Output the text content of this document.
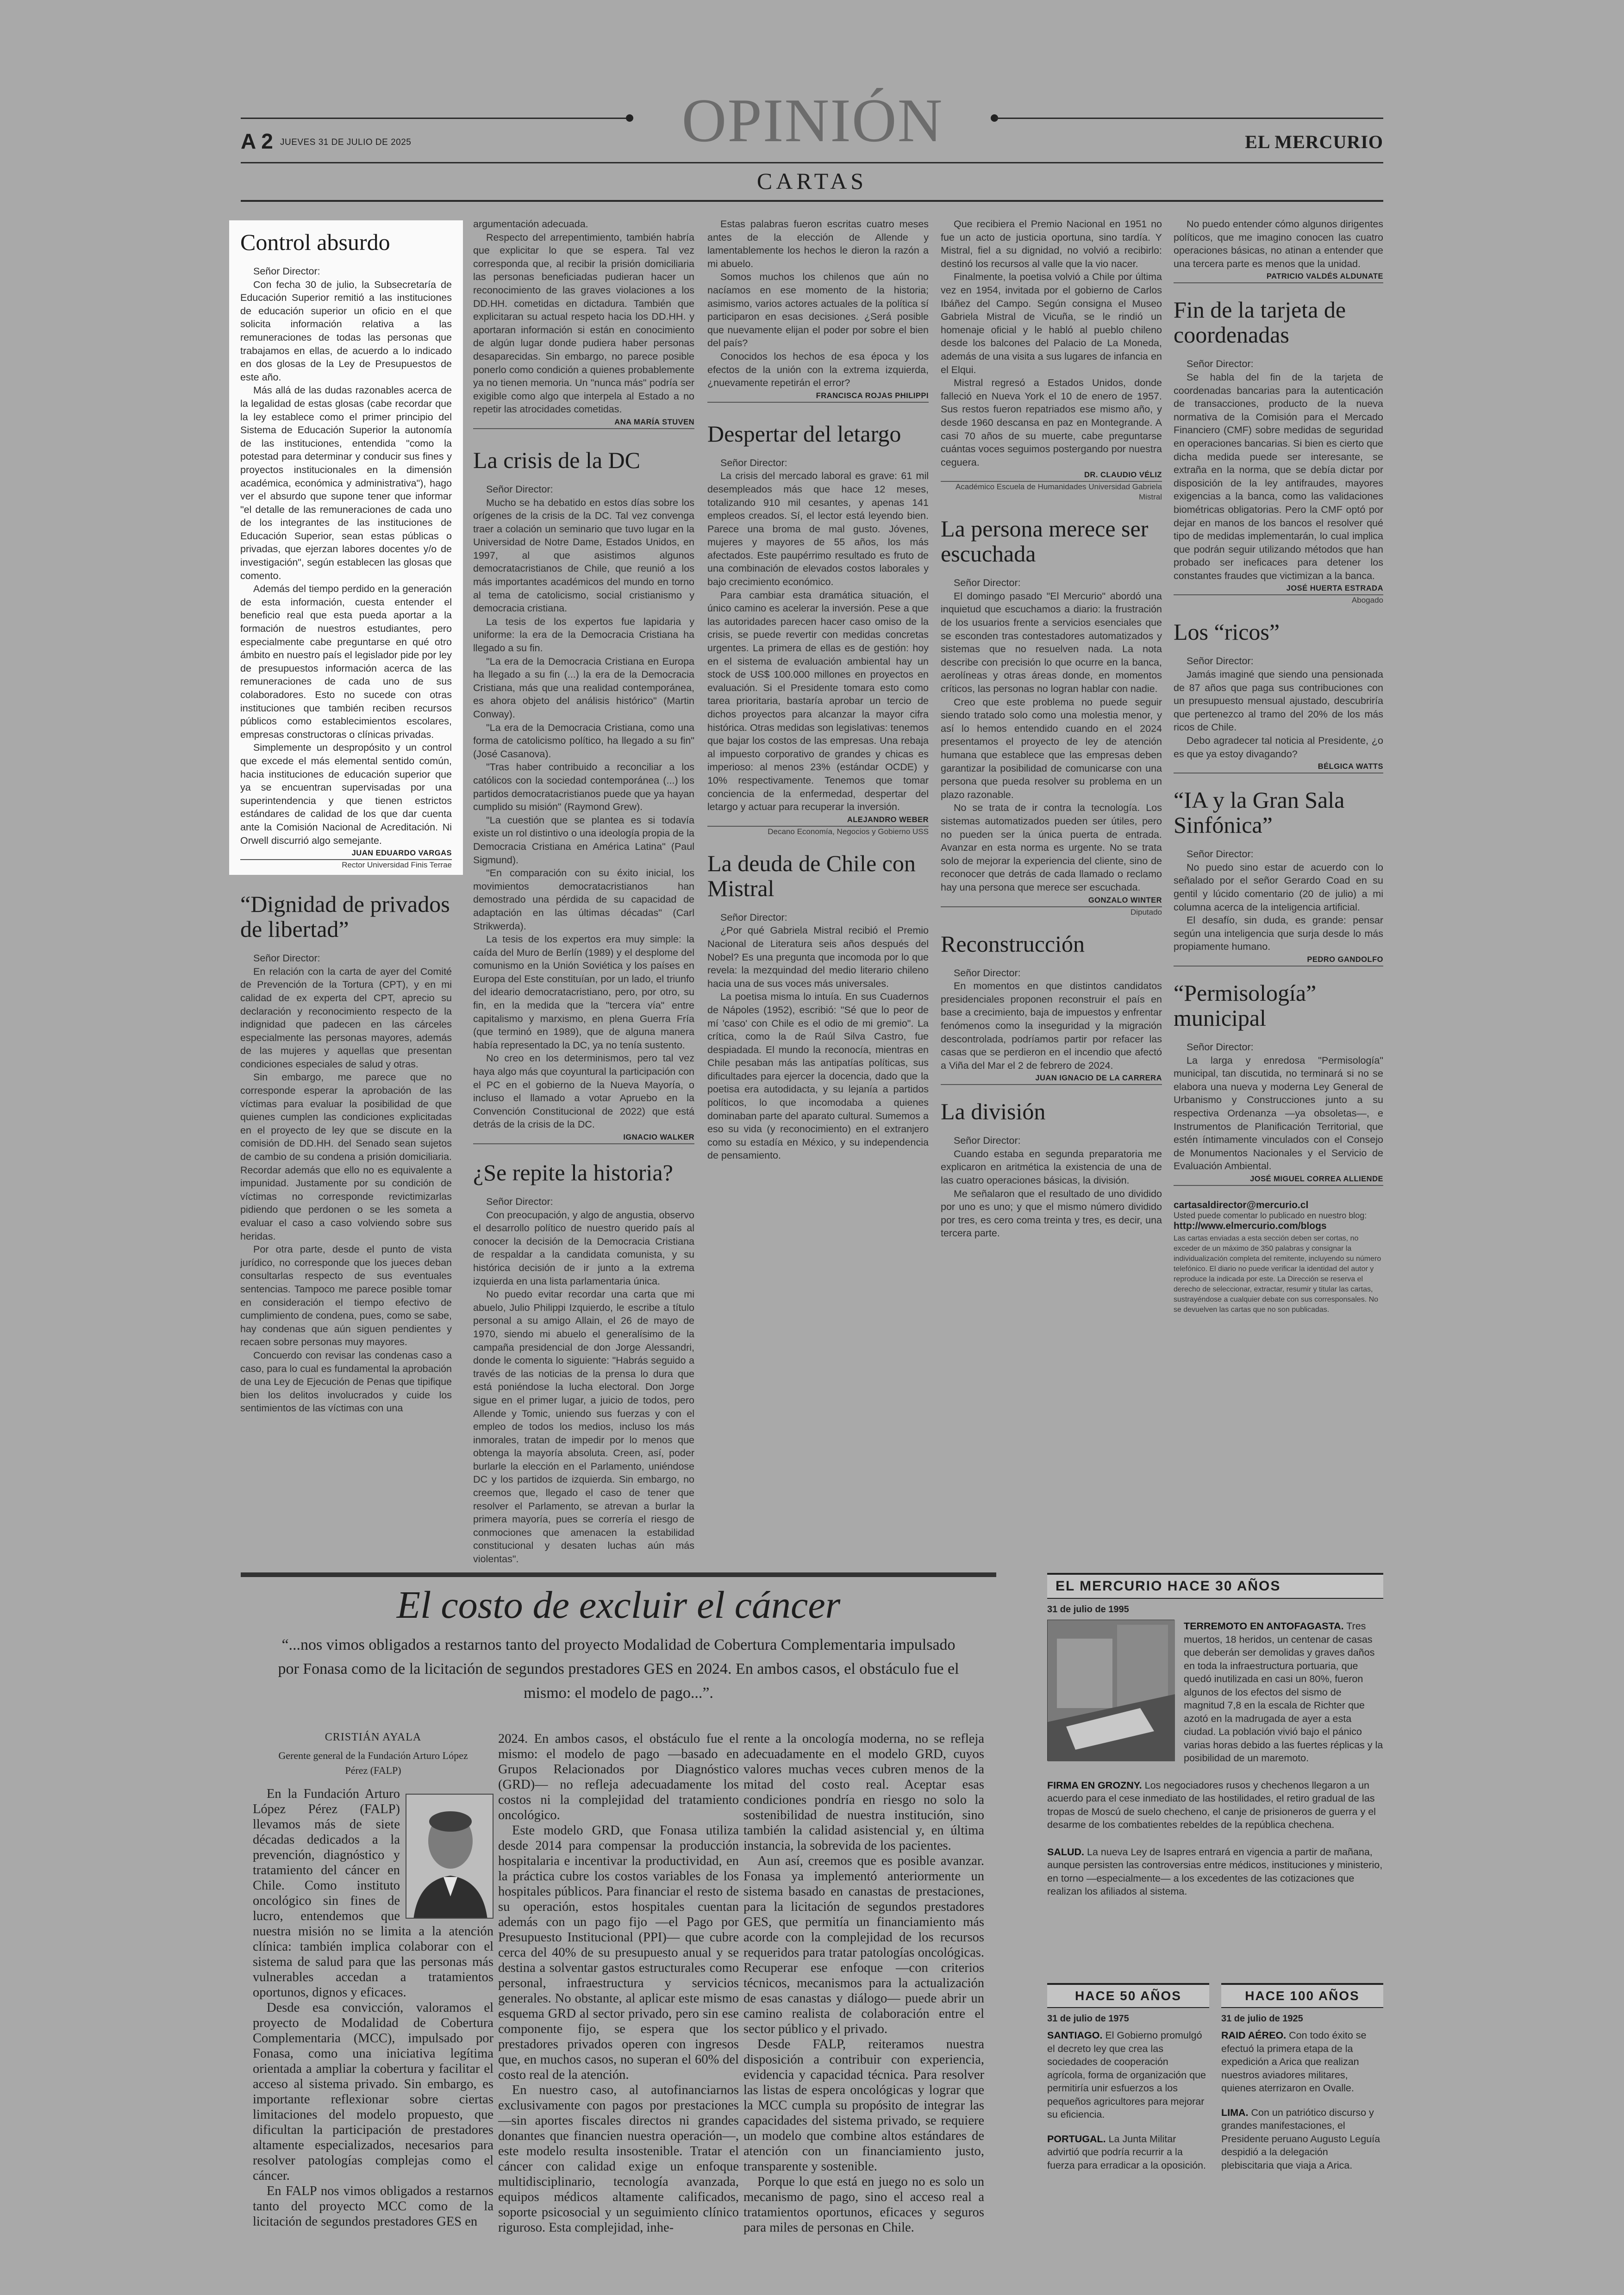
A 2 JUEVES 31 DE JULIO DE 2025	OPINIÓN	EL MERCURIO
CARTAS
Control absurdo

Señor Director:

Con fecha 30 de julio, la Subsecretaría de Educación Superior remitió a las instituciones de educación superior un oficio en el que solicita información relativa a las remuneraciones de todas las personas que trabajamos en ellas, de acuerdo a lo indicado en dos glosas de la Ley de Presupuestos de este año.

Más allá de las dudas razonables acerca de la legalidad de estas glosas (cabe recordar que la ley establece como el primer principio del Sistema de Educación Superior la autonomía de las instituciones, entendida "como la potestad para determinar y conducir sus fines y proyectos institucionales en la dimensión académica, económica y administrativa"), hago ver el absurdo que supone tener que informar "el detalle de las remuneraciones de cada uno de los integrantes de las instituciones de Educación Superior, sean estas públicas o privadas, que ejerzan labores docentes y/o de investigación", según establecen las glosas que comento.

Además del tiempo perdido en la generación de esta información, cuesta entender el beneficio real que esta pueda aportar a la formación de nuestros estudiantes, pero especialmente cabe preguntarse en qué otro ámbito en nuestro país el legislador pide por ley de presupuestos información acerca de las remuneraciones de cada uno de sus colaboradores. Esto no sucede con otras instituciones que también reciben recursos públicos como establecimientos escolares, empresas constructoras o clínicas privadas.

Simplemente un despropósito y un control que excede el más elemental sentido común, hacia instituciones de educación superior que ya se encuentran supervisadas por una superintendencia y que tienen estrictos estándares de calidad de los que dar cuenta ante la Comisión Nacional de Acreditación. Ni Orwell discurrió algo semejante.

JUAN EDUARDO VARGAS
Rector Universidad Finis Terrae
“Dignidad de privados de libertad”

Señor Director:

En relación con la carta de ayer del Comité de Prevención de la Tortura (CPT), y en mi calidad de ex experta del CPT, aprecio su declaración y reconocimiento respecto de la indignidad que padecen en las cárceles especialmente las personas mayores, además de las mujeres y aquellas que presentan condiciones especiales de salud y otras.

Sin embargo, me parece que no corresponde esperar la aprobación de las víctimas para evaluar la posibilidad de que quienes cumplen las condiciones explicitadas en el proyecto de ley que se discute en la comisión de DD.HH. del Senado sean sujetos de cambio de su condena a prisión domiciliaria. Recordar además que ello no es equivalente a impunidad. Justamente por su condición de víctimas no corresponde revictimizarlas pidiendo que perdonen o se les someta a evaluar el caso a caso volviendo sobre sus heridas.

Por otra parte, desde el punto de vista jurídico, no corresponde que los jueces deban consultarlas respecto de sus eventuales sentencias. Tampoco me parece posible tomar en consideración el tiempo efectivo de cumplimiento de condena, pues, como se sabe, hay condenas que aún siguen pendientes y recaen sobre personas muy mayores.

Concuerdo con revisar las condenas caso a caso, para lo cual es fundamental la aprobación de una Ley de Ejecución de Penas que tipifique bien los delitos involucrados y cuide los sentimientos de las víctimas con una

argumentación adecuada.

Respecto del arrepentimiento, también habría que explicitar lo que se espera. Tal vez corresponda que, al recibir la prisión domiciliaria las personas beneficiadas pudieran hacer un reconocimiento de las graves violaciones a los DD.HH. cometidas en dictadura. También que explicitaran su actual respeto hacia los DD.HH. y aportaran información si están en conocimiento de algún lugar donde pudiera haber personas desaparecidas. Sin embargo, no parece posible ponerlo como condición a quienes probablemente ya no tienen memoria. Un "nunca más" podría ser exigible como algo que interpela al Estado a no repetir las atrocidades cometidas.

ANA MARÍA STUVEN
La crisis de la DC

Señor Director:

Mucho se ha debatido en estos días sobre los orígenes de la crisis de la DC. Tal vez convenga traer a colación un seminario que tuvo lugar en la Universidad de Notre Dame, Estados Unidos, en 1997, al que asistimos algunos democratacristianos de Chile, que reunió a los más importantes académicos del mundo en torno al tema de catolicismo, social cristianismo y democracia cristiana.

La tesis de los expertos fue lapidaria y uniforme: la era de la Democracia Cristiana ha llegado a su fin.

"La era de la Democracia Cristiana en Europa ha llegado a su fin (...) la era de la Democracia Cristiana, más que una realidad contemporánea, es ahora objeto del análisis histórico" (Martin Conway).

"La era de la Democracia Cristiana, como una forma de catolicismo político, ha llegado a su fin" (José Casanova).

"Tras haber contribuido a reconciliar a los católicos con la sociedad contemporánea (...) los partidos democratacristianos puede que ya hayan cumplido su misión" (Raymond Grew).

"La cuestión que se plantea es si todavía existe un rol distintivo o una ideología propia de la Democracia Cristiana en América Latina" (Paul Sigmund).

"En comparación con su éxito inicial, los movimientos democratacristianos han demostrado una pérdida de su capacidad de adaptación en las últimas décadas" (Carl Strikwerda).

La tesis de los expertos era muy simple: la caída del Muro de Berlín (1989) y el desplome del comunismo en la Unión Soviética y los países en Europa del Este constituían, por un lado, el triunfo del ideario democratacristiano, pero, por otro, su fin, en la medida que la "tercera vía" entre capitalismo y marxismo, en plena Guerra Fría (que terminó en 1989), que de alguna manera había representado la DC, ya no tenía sustento.

No creo en los determinismos, pero tal vez haya algo más que coyuntural la participación con el PC en el gobierno de la Nueva Mayoría, o incluso el llamado a votar Apruebo en la Convención Constitucional de 2022) que está detrás de la crisis de la DC.

IGNACIO WALKER
¿Se repite la historia?

Señor Director:

Con preocupación, y algo de angustia, observo el desarrollo político de nuestro querido país al conocer la decisión de la Democracia Cristiana de respaldar a la candidata comunista, y su histórica decisión de ir junto a la extrema izquierda en una lista parlamentaria única.

No puedo evitar recordar una carta que mi abuelo, Julio Philippi Izquierdo, le escribe a título personal a su amigo Allain, el 26 de mayo de 1970, siendo mi abuelo el generalísimo de la campaña presidencial de don Jorge Alessandri, donde le comenta lo siguiente: "Habrás seguido a través de las noticias de la prensa lo dura que está poniéndose la lucha electoral. Don Jorge sigue en el primer lugar, a juicio de todos, pero Allende y Tomic, uniendo sus fuerzas y con el empleo de todos los medios, incluso los más inmorales, tratan de impedir por lo menos que obtenga la mayoría absoluta. Creen, así, poder burlarle la elección en el Parlamento, uniéndose DC y los partidos de izquierda. Sin embargo, no creemos que, llegado el caso de tener que resolver el Parlamento, se atrevan a burlar la primera mayoría, pues se correría el riesgo de conmociones que amenacen la estabilidad constitucional y desaten luchas aún más violentas".

Estas palabras fueron escritas cuatro meses antes de la elección de Allende y lamentablemente los hechos le dieron la razón a mi abuelo.

Somos muchos los chilenos que aún no nacíamos en ese momento de la historia; asimismo, varios actores actuales de la política sí participaron en esas decisiones. ¿Será posible que nuevamente elijan el poder por sobre el bien del país?

Conocidos los hechos de esa época y los efectos de la unión con la extrema izquierda, ¿nuevamente repetirán el error?

FRANCISCA ROJAS PHILIPPI
Despertar del letargo

Señor Director:

La crisis del mercado laboral es grave: 61 mil desempleados más que hace 12 meses, totalizando 910 mil cesantes, y apenas 141 empleos creados. Sí, el lector está leyendo bien. Parece una broma de mal gusto. Jóvenes, mujeres y mayores de 55 años, los más afectados. Este paupérrimo resultado es fruto de una combinación de elevados costos laborales y bajo crecimiento económico.

Para cambiar esta dramática situación, el único camino es acelerar la inversión. Pese a que las autoridades parecen hacer caso omiso de la crisis, se puede revertir con medidas concretas urgentes. La primera de ellas es de gestión: hoy en el sistema de evaluación ambiental hay un stock de US$ 100.000 millones en proyectos en evaluación. Si el Presidente tomara esto como tarea prioritaria, bastaría aprobar un tercio de dichos proyectos para alcanzar la mayor cifra histórica. Otras medidas son legislativas: tenemos que bajar los costos de las empresas. Una rebaja al impuesto corporativo de grandes y chicas es imperioso: al menos 23% (estándar OCDE) y 10% respectivamente. Tenemos que tomar conciencia de la enfermedad, despertar del letargo y actuar para recuperar la inversión.

ALEJANDRO WEBER
Decano Economía, Negocios y Gobierno USS
La deuda de Chile con Mistral

Señor Director:

¿Por qué Gabriela Mistral recibió el Premio Nacional de Literatura seis años después del Nobel? Es una pregunta que incomoda por lo que revela: la mezquindad del medio literario chileno hacia una de sus voces más universales.

La poetisa misma lo intuía. En sus Cuadernos de Nápoles (1952), escribió: "Sé que lo peor de mí 'caso' con Chile es el odio de mi gremio". La crítica, como la de Raúl Silva Castro, fue despiadada. El mundo la reconocía, mientras en Chile pesaban más las antipatías políticas, sus dificultades para ejercer la docencia, dado que la poetisa era autodidacta, y su lejanía a partidos políticos, lo que incomodaba a quienes dominaban parte del aparato cultural. Sumemos a eso su vida (y reconocimiento) en el extranjero como su estadía en México, y su independencia de pensamiento.

Que recibiera el Premio Nacional en 1951 no fue un acto de justicia oportuna, sino tardía. Y Mistral, fiel a su dignidad, no volvió a recibirlo: destinó los recursos al valle que la vio nacer.

Finalmente, la poetisa volvió a Chile por última vez en 1954, invitada por el gobierno de Carlos Ibáñez del Campo. Según consigna el Museo Gabriela Mistral de Vicuña, se le rindió un homenaje oficial y le habló al pueblo chileno desde los balcones del Palacio de La Moneda, además de una visita a sus lugares de infancia en el Elqui.

Mistral regresó a Estados Unidos, donde falleció en Nueva York el 10 de enero de 1957. Sus restos fueron repatriados ese mismo año, y desde 1960 descansa en paz en Montegrande. A casi 70 años de su muerte, cabe preguntarse cuántas voces seguimos postergando por nuestra ceguera.

DR. CLAUDIO VÉLIZ
Académico Escuela de Humanidades Universidad Gabriela Mistral
La persona merece ser escuchada

Señor Director:

El domingo pasado "El Mercurio" abordó una inquietud que escuchamos a diario: la frustración de los usuarios frente a servicios esenciales que se esconden tras contestadores automatizados y sistemas que no resuelven nada. La nota describe con precisión lo que ocurre en la banca, aerolíneas y otras áreas donde, en momentos críticos, las personas no logran hablar con nadie.

Creo que este problema no puede seguir siendo tratado solo como una molestia menor, y así lo hemos entendido cuando en el 2024 presentamos el proyecto de ley de atención humana que establece que las empresas deben garantizar la posibilidad de comunicarse con una persona que pueda resolver su problema en un plazo razonable.

No se trata de ir contra la tecnología. Los sistemas automatizados pueden ser útiles, pero no pueden ser la única puerta de entrada. Avanzar en esta norma es urgente. No se trata solo de mejorar la experiencia del cliente, sino de reconocer que detrás de cada llamado o reclamo hay una persona que merece ser escuchada.

GONZALO WINTER
Diputado
Reconstrucción

Señor Director:

En momentos en que distintos candidatos presidenciales proponen reconstruir el país en base a crecimiento, baja de impuestos y enfrentar fenómenos como la inseguridad y la migración descontrolada, podríamos partir por refacer las casas que se perdieron en el incendio que afectó a Viña del Mar el 2 de febrero de 2024.

JUAN IGNACIO DE LA CARRERA
La división

Señor Director:

Cuando estaba en segunda preparatoria me explicaron en aritmética la existencia de una de las cuatro operaciones básicas, la división.

Me señalaron que el resultado de uno dividido por uno es uno; y que el mismo número dividido por tres, es cero coma treinta y tres, es decir, una tercera parte.

No puedo entender cómo algunos dirigentes políticos, que me imagino conocen las cuatro operaciones básicas, no atinan a entender que una tercera parte es menos que la unidad.

PATRICIO VALDÉS ALDUNATE
Fin de la tarjeta de coordenadas

Señor Director:

Se habla del fin de la tarjeta de coordenadas bancarias para la autenticación de transacciones, producto de la nueva normativa de la Comisión para el Mercado Financiero (CMF) sobre medidas de seguridad en operaciones bancarias. Si bien es cierto que dicha medida puede ser interesante, se extraña en la norma, que se debía dictar por disposición de la ley antifraudes, mayores exigencias a la banca, como las validaciones biométricas obligatorias. Pero la CMF optó por dejar en manos de los bancos el resolver qué tipo de medidas implementarán, lo cual implica que podrán seguir utilizando métodos que han probado ser ineficaces para detener los constantes fraudes que victimizan a la banca.

JOSÉ HUERTA ESTRADA
Abogado
Los “ricos”

Señor Director:

Jamás imaginé que siendo una pensionada de 87 años que paga sus contribuciones con un presupuesto mensual ajustado, descubriría que pertenezco al tramo del 20% de los más ricos de Chile.

Debo agradecer tal noticia al Presidente, ¿o es que ya estoy divagando?

BÉLGICA WATTS
“IA y la Gran Sala Sinfónica”

Señor Director:

No puedo sino estar de acuerdo con lo señalado por el señor Gerardo Coad en su gentil y lúcido comentario (20 de julio) a mi columna acerca de la inteligencia artificial.

El desafío, sin duda, es grande: pensar según una inteligencia que surja desde lo más propiamente humano.

PEDRO GANDOLFO
“Permisología” municipal

Señor Director:

La larga y enredosa "Permisología" municipal, tan discutida, no terminará si no se elabora una nueva y moderna Ley General de Urbanismo y Construcciones junto a su respectiva Ordenanza —ya obsoletas—, e Instrumentos de Planificación Territorial, que estén íntimamente vinculados con el Consejo de Monumentos Nacionales y el Servicio de Evaluación Ambiental.

JOSÉ MIGUEL CORREA ALLIENDE
cartasaldirector@mercurio.cl
Usted puede comentar lo publicado en nuestro blog:
http://www.elmercurio.com/blogs
Las cartas enviadas a esta sección deben ser cortas, no exceder de un máximo de 350 palabras y consignar la individualización completa del remitente, incluyendo su número telefónico. El diario no puede verificar la identidad del autor y reproduce la indicada por este. La Dirección se reserva el derecho de seleccionar, extractar, resumir y titular las cartas, sustrayéndose a cualquier debate con sus corresponsales. No se devuelven las cartas que no son publicadas.
El costo de excluir el cáncer
“...nos vimos obligados a restarnos tanto del proyecto Modalidad de Cobertura Complementaria impulsado por Fonasa como de la licitación de segundos prestadores GES en 2024. En ambos casos, el obstáculo fue el mismo: el modelo de pago...”.
CRISTIÁN AYALA
Gerente general de la Fundación Arturo López Pérez (FALP)

En la Fundación Arturo López Pérez (FALP) llevamos más de siete décadas dedicados a la prevención, diagnóstico y tratamiento del cáncer en Chile. Como instituto oncológico sin fines de lucro, entendemos que nuestra misión no se limita a la atención clínica: también implica colaborar con el sistema de salud para que las personas más vulnerables accedan a tratamientos oportunos, dignos y eficaces.

Desde esa convicción, valoramos el proyecto de Modalidad de Cobertura Complementaria (MCC), impulsado por Fonasa, como una iniciativa legítima orientada a ampliar la cobertura y facilitar el acceso al sistema privado. Sin embargo, es importante reflexionar sobre ciertas limitaciones del modelo propuesto, que dificultan la participación de prestadores altamente especializados, necesarios para resolver patologías complejas como el cáncer.

En FALP nos vimos obligados a restarnos tanto del proyecto MCC como de la licitación de segundos prestadores GES en

2024. En ambos casos, el obstáculo fue el mismo: el modelo de pago —basado en Grupos Relacionados por Diagnóstico (GRD)— no refleja adecuadamente los costos ni la complejidad del tratamiento oncológico.

Este modelo GRD, que Fonasa utiliza desde 2014 para compensar la producción hospitalaria e incentivar la productividad, en la práctica cubre los costos variables de los hospitales públicos. Para financiar el resto de su operación, estos hospitales cuentan además con un pago fijo —el Pago por Presupuesto Institucional (PPI)— que cubre cerca del 40% de su presupuesto anual y se destina a solventar gastos estructurales como personal, infraestructura y servicios generales. No obstante, al aplicar este mismo esquema GRD al sector privado, pero sin ese componente fijo, se espera que los prestadores privados operen con ingresos que, en muchos casos, no superan el 60% del costo real de la atención.

En nuestro caso, al autofinanciarnos exclusivamente con pagos por prestaciones —sin aportes fiscales directos ni grandes donantes que financien nuestra operación—, este modelo resulta insostenible. Tratar el cáncer con calidad exige un enfoque multidisciplinario, tecnología avanzada, equipos médicos altamente calificados, soporte psicosocial y un seguimiento clínico riguroso. Esta complejidad, inhe-

rente a la oncología moderna, no se refleja adecuadamente en el modelo GRD, cuyos valores muchas veces cubren menos de la mitad del costo real. Aceptar esas condiciones pondría en riesgo no solo la sostenibilidad de nuestra institución, sino también la calidad asistencial y, en última instancia, la sobrevida de los pacientes.

Aun así, creemos que es posible avanzar. Fonasa ya implementó anteriormente un sistema basado en canastas de prestaciones, para la licitación de segundos prestadores GES, que permitía un financiamiento más acorde con la complejidad de los recursos requeridos para tratar patologías oncológicas. Recuperar ese enfoque —con criterios técnicos, mecanismos para la actualización de esas canastas y diálogo— puede abrir un camino realista de colaboración entre el sector público y el privado.

Desde FALP, reiteramos nuestra disposición a contribuir con experiencia, evidencia y capacidad técnica. Para resolver las listas de espera oncológicas y lograr que la MCC cumpla su propósito de integrar las capacidades del sistema privado, se requiere un modelo que combine altos estándares de atención con un financiamiento justo, transparente y sostenible.

Porque lo que está en juego no es solo un mecanismo de pago, sino el acceso real a tratamientos oportunos, eficaces y seguros para miles de personas en Chile.

EL MERCURIO HACE 30 AÑOS
31 de julio de 1995

TERREMOTO EN ANTOFAGASTA. Tres muertos, 18 heridos, un centenar de casas que deberán ser demolidas y graves daños en toda la infraestructura portuaria, que quedó inutilizada en casi un 80%, fueron algunos de los efectos del sismo de magnitud 7,8 en la escala de Richter que azotó en la madrugada de ayer a esta ciudad. La población vivió bajo el pánico varias horas debido a las fuertes réplicas y la posibilidad de un maremoto.

FIRMA EN GROZNY. Los negociadores rusos y chechenos llegaron a un acuerdo para el cese inmediato de las hostilidades, el retiro gradual de las tropas de Moscú de suelo checheno, el canje de prisioneros de guerra y el desarme de los combatientes rebeldes de la república chechena.

SALUD. La nueva Ley de Isapres entrará en vigencia a partir de mañana, aunque persisten las controversias entre médicos, instituciones y ministerio, en torno —especialmente— a los excedentes de las cotizaciones que realizan los afiliados al sistema.

HACE 50 AÑOS
31 de julio de 1975

SANTIAGO. El Gobierno promulgó el decreto ley que crea las sociedades de cooperación agrícola, forma de organización que permitiría unir esfuerzos a los pequeños agricultores para mejorar su eficiencia.

PORTUGAL. La Junta Militar advirtió que podría recurrir a la fuerza para erradicar a la oposición.

HACE 100 AÑOS
31 de julio de 1925

RAID AÉREO. Con todo éxito se efectuó la primera etapa de la expedición a Arica que realizan nuestros aviadores militares, quienes aterrizaron en Ovalle.

LIMA. Con un patriótico discurso y grandes manifestaciones, el Presidente peruano Augusto Leguía despidió a la delegación plebiscitaria que viaja a Arica.
